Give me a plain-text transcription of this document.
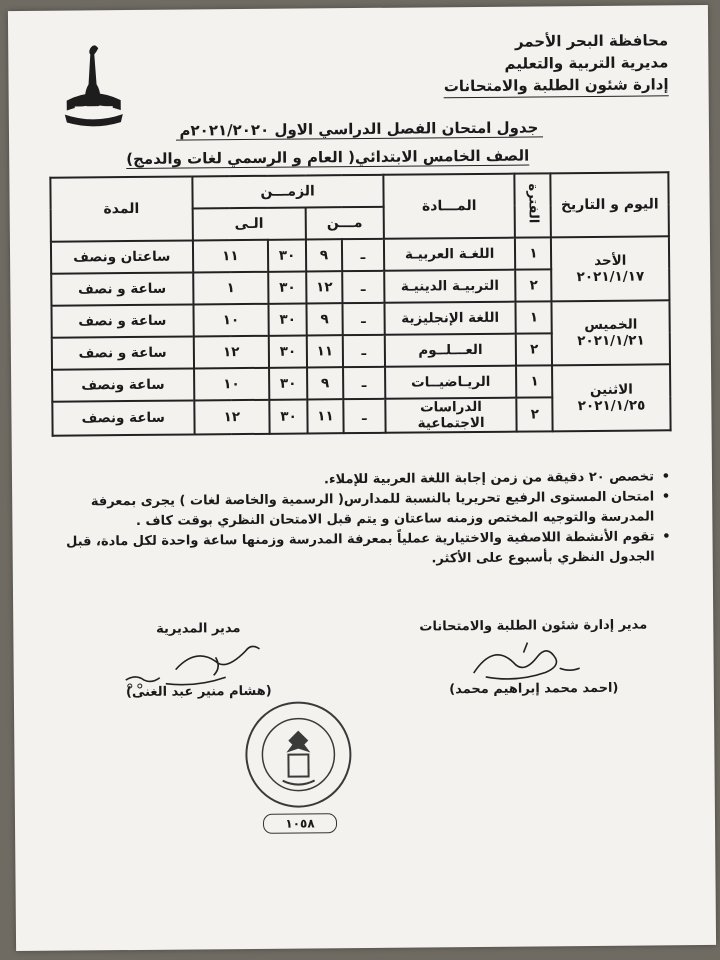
محافظة البحر الأحمر
مديرية التربية والتعليم
إدارة شئون الطلبة والامتحانات
جدول امتحان الفصل الدراسي الاول ٢٠٢١/٢٠٢٠م
الصف الخامس الابتدائي( العام و الرسمي لغات والدمج)
اليوم و التاريخ	الفترة	المـــادة	الزمـــن				المدة
			مـــن		الـى		

الأحد
٢٠٢١/١/١٧	١	اللغـة العربيـة	ـ	٩	٣٠	١١	ساعتان ونصف
	٢	التربيـة الدينيـة	ـ	١٢	٣٠	١	ساعة و نصف

الخميس
٢٠٢١/١/٢١	١	اللغة الإنجليزية	ـ	٩	٣٠	١٠	ساعة و نصف
	٢	العـــلــوم	ـ	١١	٣٠	١٢	ساعة و نصف

الاثنين
٢٠٢١/١/٢٥	١	الريـاضيــات	ـ	٩	٣٠	١٠	ساعة ونصف
	٢	الدراسات الاجتماعية	ـ	١١	٣٠	١٢	ساعة ونصف
•
تخصص ٢٠ دقيقة من زمن إجابة اللغة العربية للإملاء.
•
امتحان المستوى الرفيع تحريريا بالنسبة للمدارس( الرسمية والخاصة لغات ) يجرى بمعرفة المدرسة والتوجيه المختص وزمنه ساعتان و يتم قبل الامتحان النظري بوقت كاف .
•
تقوم الأنشطة اللاصفية والاختيارية عملياً بمعرفة المدرسة وزمنها ساعة واحدة لكل مادة، قبل الجدول النظري بأسبوع على الأكثر.
مدير المديرية
(هشام منير عبد الغنى)
مدير إدارة شئون الطلبة والامتحانات
(احمد محمد إبراهيم محمد)
١٠٥٨
